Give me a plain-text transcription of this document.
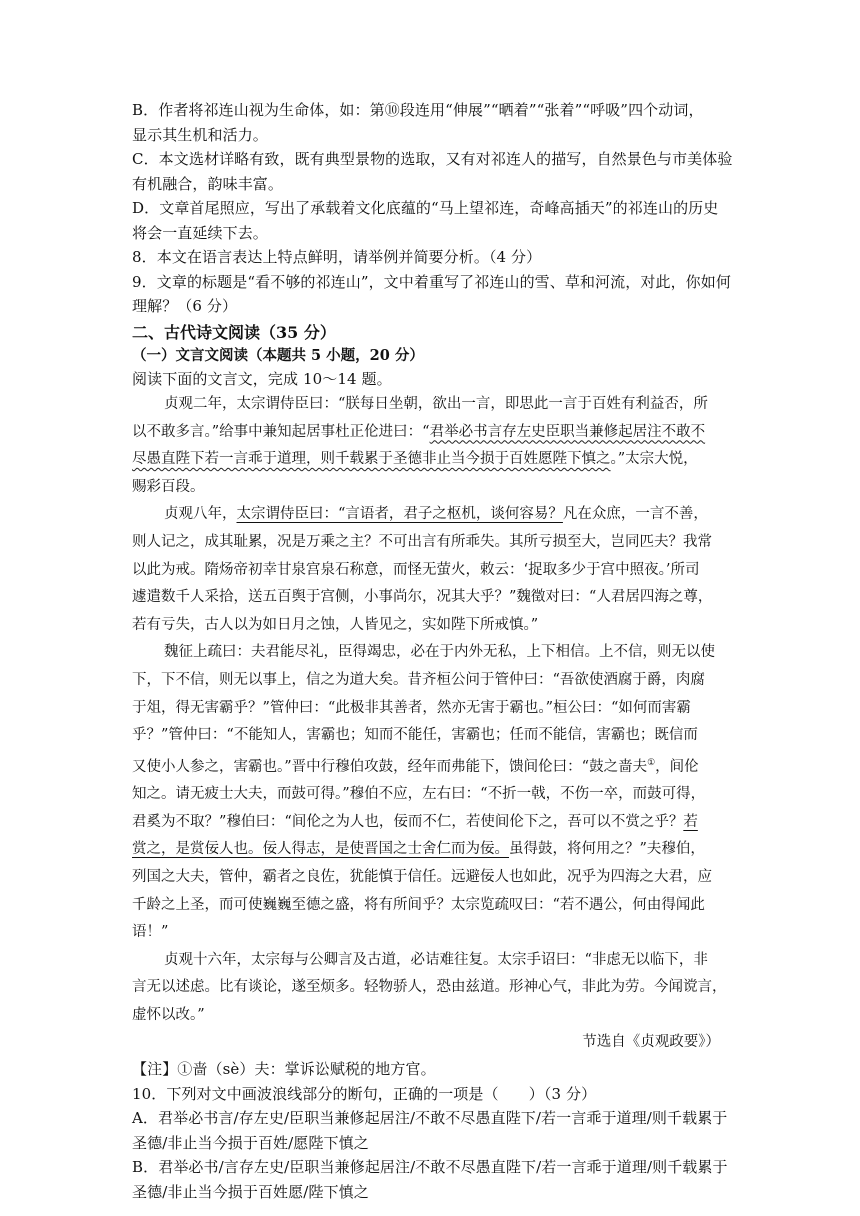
B．作者将祁连山视为生命体，如：第⑩段连用“伸展”“晒着”“张着”“呼吸”四个动词，
显示其生机和活力。
C．本文选材详略有致，既有典型景物的选取，又有对祁连人的描写，自然景色与市美体验
有机融合，韵味丰富。
D．文章首尾照应，写出了承载着文化底蕴的“马上望祁连，奇峰高插天”的祁连山的历史
将会一直延续下去。
8．本文在语言表达上特点鲜明，请举例并简要分析。（4 分）
9．文章的标题是“看不够的祁连山”，文中着重写了祁连山的雪、草和河流，对此，你如何
理解？（6 分）
二、古代诗文阅读（35 分）
（一）文言文阅读（本题共 5 小题，20 分）
阅读下面的文言文，完成 10～14 题。
贞观二年，太宗谓侍臣曰：“朕每日坐朝，欲出一言，即思此一言于百姓有利益否，所
以不敢多言。”给事中兼知起居事杜正伦进曰：“君举必书言存左史臣职当兼修起居注不敢不
尽愚直陛下若一言乖于道理，则千载累于圣德非止当今损于百姓愿陛下慎之。”太宗大悦，
赐彩百段。
贞观八年，太宗谓侍臣曰：“言语者，君子之枢机，谈何容易？凡在众庶，一言不善，
则人记之，成其耻累，况是万乘之主？不可出言有所乖失。其所亏损至大，岂同匹夫？我常
以此为戒。隋炀帝初幸甘泉宫泉石称意，而怪无萤火，敕云：‘捉取多少于宫中照夜。’所司
遽遣数千人采拾，送五百舆于宫侧，小事尚尔，况其大乎？”魏徵对曰：“人君居四海之尊，
若有亏失，古人以为如日月之蚀，人皆见之，实如陛下所戒慎。”
魏征上疏曰：夫君能尽礼，臣得竭忠，必在于内外无私，上下相信。上不信，则无以使
下，下不信，则无以事上，信之为道大矣。昔齐桓公问于管仲曰：“吾欲使酒腐于爵，肉腐
于俎，得无害霸乎？”管仲曰：“此极非其善者，然亦无害于霸也。”桓公曰：“如何而害霸
乎？”管仲曰：“不能知人，害霸也；知而不能任，害霸也；任而不能信，害霸也；既信而
又使小人参之，害霸也。”晋中行穆伯攻鼓，经年而弗能下，馈间伦曰：“鼓之啬夫①，间伦
知之。请无疲士大夫，而鼓可得。”穆伯不应，左右曰：“不折一戟，不伤一卒，而鼓可得，
君奚为不取？”穆伯曰：“间伦之为人也，佞而不仁，若使间伦下之，吾可以不赏之乎？若
赏之，是赏佞人也。佞人得志，是使晋国之士舍仁而为佞。虽得鼓，将何用之？”夫穆伯，
列国之大夫，管仲，霸者之良佐，犹能慎于信任。远避佞人也如此，况乎为四海之大君，应
千龄之上圣，而可使巍巍至德之盛，将有所间乎？太宗览疏叹曰：“若不遇公，何由得闻此
语！”
贞观十六年，太宗每与公卿言及古道，必诘难往复。太宗手诏曰：“非虑无以临下，非
言无以述虑。比有谈论，遂至烦多。轻物骄人，恐由兹道。形神心气，非此为劳。今闻谠言，
虚怀以改。”
节选自《贞观政要》）
【注】①啬（sè）夫：掌诉讼赋税的地方官。
10．下列对文中画波浪线部分的断句，正确的一项是（　　）（3 分）
A．君举必书言/存左史/臣职当兼修起居注/不敢不尽愚直陛下/若一言乖于道理/则千载累于
圣德/非止当今损于百姓/愿陛下慎之
B．君举必书/言存左史/臣职当兼修起居注/不敢不尽愚直陛下/若一言乖于道理/则千载累于
圣德/非止当今损于百姓愿/陛下慎之
